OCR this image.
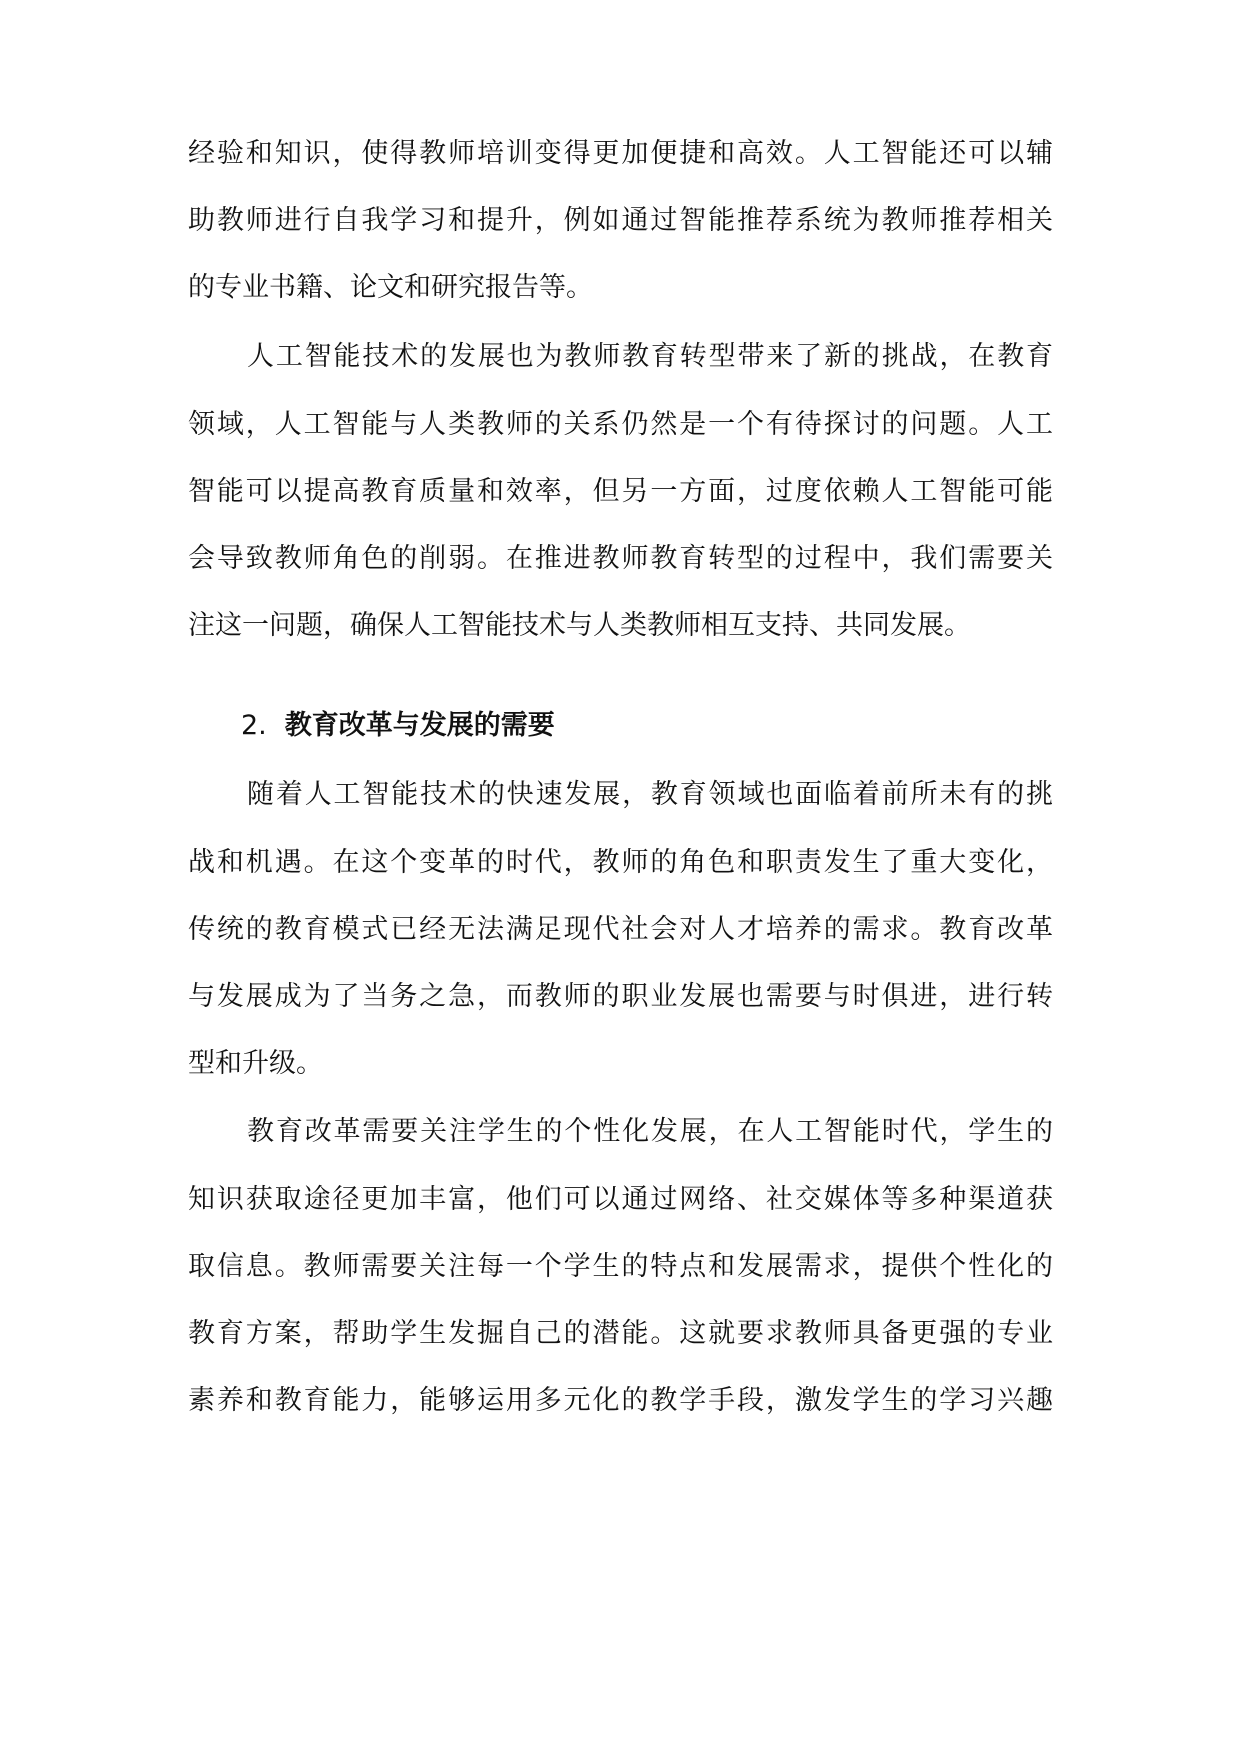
经验和知识，使得教师培训变得更加便捷和高效。人工智能还可以辅
助教师进行自我学习和提升，例如通过智能推荐系统为教师推荐相关
的专业书籍、论文和研究报告等。
人工智能技术的发展也为教师教育转型带来了新的挑战，在教育
领域，人工智能与人类教师的关系仍然是一个有待探讨的问题。人工
智能可以提高教育质量和效率，但另一方面，过度依赖人工智能可能
会导致教师角色的削弱。在推进教师教育转型的过程中，我们需要关
注这一问题，确保人工智能技术与人类教师相互支持、共同发展。
2. 教育改革与发展的需要
随着人工智能技术的快速发展，教育领域也面临着前所未有的挑
战和机遇。在这个变革的时代，教师的角色和职责发生了重大变化，
传统的教育模式已经无法满足现代社会对人才培养的需求。教育改革
与发展成为了当务之急，而教师的职业发展也需要与时俱进，进行转
型和升级。
教育改革需要关注学生的个性化发展，在人工智能时代，学生的
知识获取途径更加丰富，他们可以通过网络、社交媒体等多种渠道获
取信息。教师需要关注每一个学生的特点和发展需求，提供个性化的
教育方案，帮助学生发掘自己的潜能。这就要求教师具备更强的专业
素养和教育能力，能够运用多元化的教学手段，激发学生的学习兴趣
